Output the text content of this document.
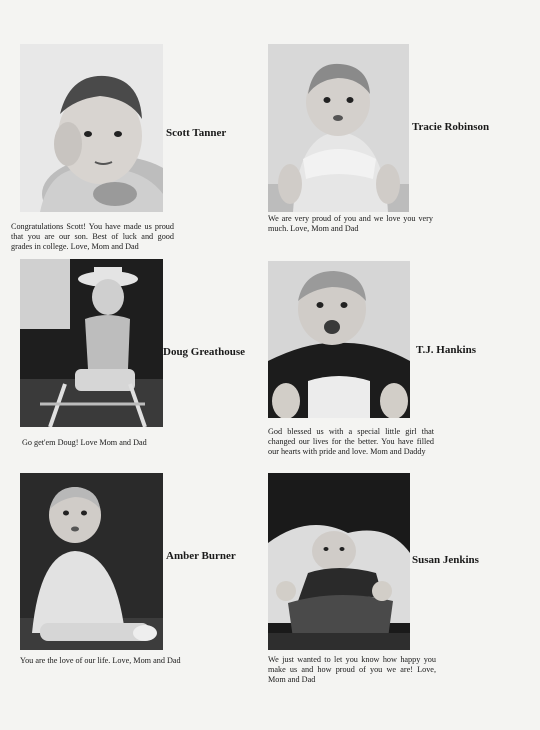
Scott Tanner
Congratulations Scott! You have made us proud that you are our son. Best of luck and good grades in college. Love, Mom and Dad
Tracie Robinson
We are very proud of you and we love you very much. Love, Mom and Dad
Doug Greathouse
Go get'em Doug! Love Mom and Dad
T.J. Hankins
God blessed us with a special little girl that changed our lives for the better. You have filled our hearts with pride and love. Mom and Daddy
Amber Burner
You are the love of our life. Love, Mom and Dad
Susan Jenkins
We just wanted to let you know how happy you make us and how proud of you we are! Love, Mom and Dad
